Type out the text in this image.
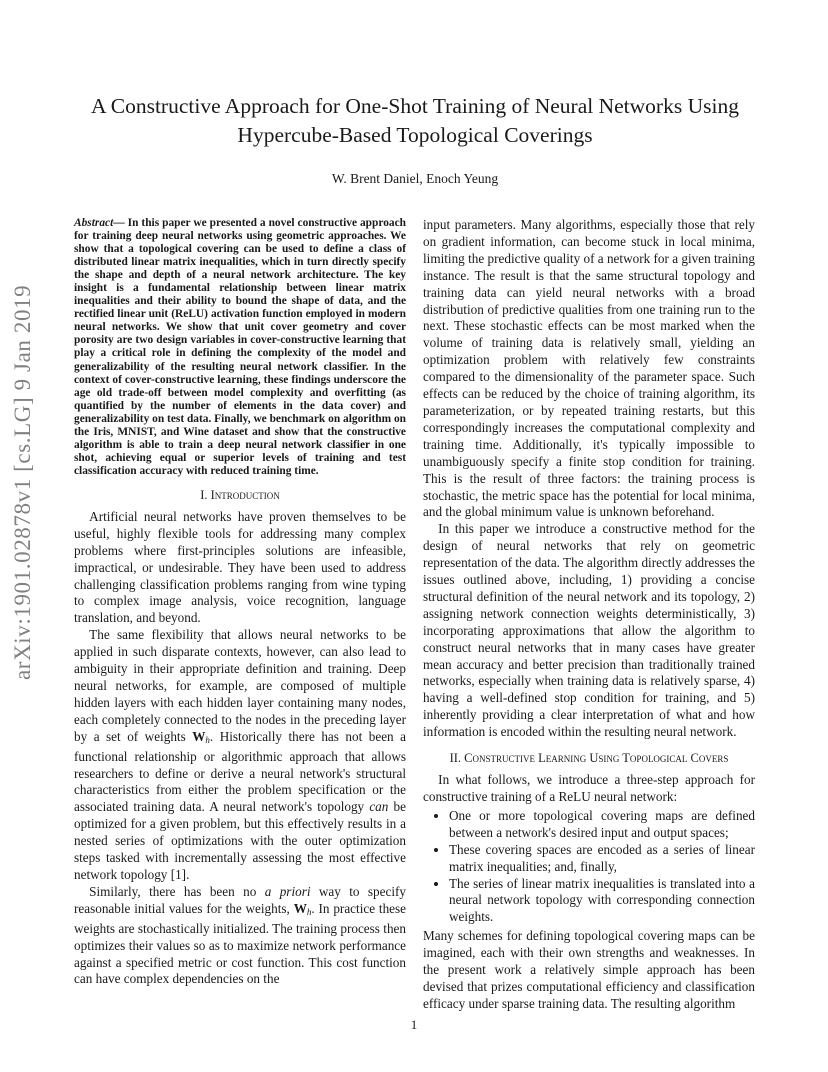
arXiv:1901.02878v1 [cs.LG] 9 Jan 2019
A Constructive Approach for One-Shot Training of Neural Networks Using Hypercube-Based Topological Coverings
W. Brent Daniel, Enoch Yeung
Abstract— In this paper we presented a novel constructive approach for training deep neural networks using geometric approaches. We show that a topological covering can be used to define a class of distributed linear matrix inequalities, which in turn directly specify the shape and depth of a neural network architecture. The key insight is a fundamental relationship between linear matrix inequalities and their ability to bound the shape of data, and the rectified linear unit (ReLU) activation function employed in modern neural networks. We show that unit cover geometry and cover porosity are two design variables in cover-constructive learning that play a critical role in defining the complexity of the model and generalizability of the resulting neural network classifier. In the context of cover-constructive learning, these findings underscore the age old trade-off between model complexity and overfitting (as quantified by the number of elements in the data cover) and generalizability on test data. Finally, we benchmark on algorithm on the Iris, MNIST, and Wine dataset and show that the constructive algorithm is able to train a deep neural network classifier in one shot, achieving equal or superior levels of training and test classification accuracy with reduced training time.
I. Introduction

Artificial neural networks have proven themselves to be useful, highly flexible tools for addressing many complex problems where first-principles solutions are infeasible, impractical, or undesirable. They have been used to address challenging classification problems ranging from wine typing to complex image analysis, voice recognition, language translation, and beyond.

The same flexibility that allows neural networks to be applied in such disparate contexts, however, can also lead to ambiguity in their appropriate definition and training. Deep neural networks, for example, are composed of multiple hidden layers with each hidden layer containing many nodes, each completely connected to the nodes in the preceding layer by a set of weights $W_h$. Historically there has not been a functional relationship or algorithmic approach that allows researchers to define or derive a neural network's structural characteristics from either the problem specification or the associated training data. A neural network's topology can be optimized for a given problem, but this effectively results in a nested series of optimizations with the outer optimization steps tasked with incrementally assessing the most effective network topology [1].

Similarly, there has been no a priori way to specify reasonable initial values for the weights, $W_h$. In practice these weights are stochastically initialized. The training process then optimizes their values so as to maximize network performance against a specified metric or cost function. This cost function can have complex dependencies on the

input parameters. Many algorithms, especially those that rely on gradient information, can become stuck in local minima, limiting the predictive quality of a network for a given training instance. The result is that the same structural topology and training data can yield neural networks with a broad distribution of predictive qualities from one training run to the next. These stochastic effects can be most marked when the volume of training data is relatively small, yielding an optimization problem with relatively few constraints compared to the dimensionality of the parameter space. Such effects can be reduced by the choice of training algorithm, its parameterization, or by repeated training restarts, but this correspondingly increases the computational complexity and training time. Additionally, it's typically impossible to unambiguously specify a finite stop condition for training. This is the result of three factors: the training process is stochastic, the metric space has the potential for local minima, and the global minimum value is unknown beforehand.

In this paper we introduce a constructive method for the design of neural networks that rely on geometric representation of the data. The algorithm directly addresses the issues outlined above, including, 1) providing a concise structural definition of the neural network and its topology, 2) assigning network connection weights deterministically, 3) incorporating approximations that allow the algorithm to construct neural networks that in many cases have greater mean accuracy and better precision than traditionally trained networks, especially when training data is relatively sparse, 4) having a well-defined stop condition for training, and 5) inherently providing a clear interpretation of what and how information is encoded within the resulting neural network.

II. Constructive Learning Using Topological Covers

In what follows, we introduce a three-step approach for constructive training of a ReLU neural network:

• One or more topological covering maps are defined between a network's desired input and output spaces;
• These covering spaces are encoded as a series of linear matrix inequalities; and, finally,
• The series of linear matrix inequalities is translated into a neural network topology with corresponding connection weights.

Many schemes for defining topological covering maps can be imagined, each with their own strengths and weaknesses. In the present work a relatively simple approach has been devised that prizes computational efficiency and classification efficacy under sparse training data. The resulting algorithm

1
